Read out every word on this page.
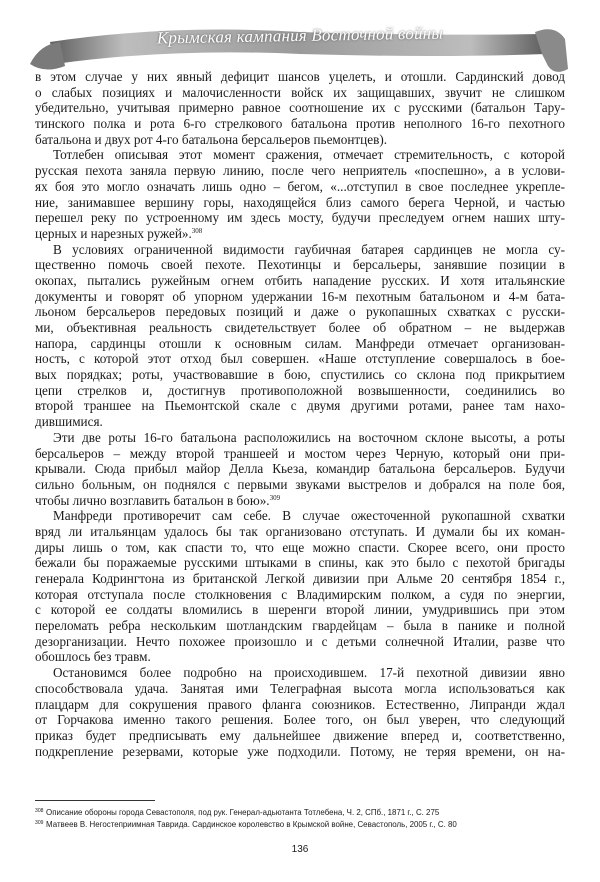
Крымская кампания Восточной войны
в этом случае у них явный дефицит шансов уцелеть, и отошли. Сардинский довод
о слабых позициях и малочисленности войск их защищавших, звучит не слишком
убедительно, учитывая примерно равное соотношение их с русскими (батальон Тару-
тинского полка и рота 6-го стрелкового батальона против неполного 16-го пехотного
батальона и двух рот 4-го батальона берсальеров пьемонтцев).
Тотлебен описывая этот момент сражения, отмечает стремительность, с которой
русская пехота заняла первую линию, после чего неприятель «поспешно», а в услови-
ях боя это могло означать лишь одно – бегом, «...отступил в свое последнее укрепле-
ние, занимавшее вершину горы, находящейся близ самого берега Черной, и частью
перешел реку по устроенному им здесь мосту, будучи преследуем огнем наших шту-
церных и нарезных ружей».$^{308}$
В условиях ограниченной видимости гаубичная батарея сардинцев не могла су-
щественно помочь своей пехоте. Пехотинцы и берсальеры, занявшие позиции в
окопах, пытались ружейным огнем отбить нападение русских. И хотя итальянские
документы и говорят об упорном удержании 16-м пехотным батальоном и 4-м бата-
льоном берсальеров передовых позиций и даже о рукопашных схватках с русски-
ми, объективная реальность свидетельствует более об обратном – не выдержав
напора, сардинцы отошли к основным силам. Манфреди отмечает организован-
ность, с которой этот отход был совершен. «Наше отступление совершалось в бое-
вых порядках; роты, участвовавшие в бою, спустились со склона под прикрытием
цепи стрелков и, достигнув противоположной возвышенности, соединились во
второй траншее на Пьемонтской скале с двумя другими ротами, ранее там нахо-
дившимися.
Эти две роты 16-го батальона расположились на восточном склоне высоты, а роты
берсальеров – между второй траншеей и мостом через Черную, который они при-
крывали. Сюда прибыл майор Делла Кьеза, командир батальона берсальеров. Будучи
сильно больным, он поднялся с первыми звуками выстрелов и добрался на поле боя,
чтобы лично возглавить батальон в бою».$^{309}$
Манфреди противоречит сам себе. В случае ожесточенной рукопашной схватки
вряд ли итальянцам удалось бы так организовано отступать. И думали бы их коман-
диры лишь о том, как спасти то, что еще можно спасти. Скорее всего, они просто
бежали бы поражаемые русскими штыками в спины, как это было с пехотой бригады
генерала Кодрингтона из британской Легкой дивизии при Альме 20 сентября 1854 г.,
которая отступала после столкновения с Владимирским полком, а судя по энергии,
с которой ее солдаты вломились в шеренги второй линии, умудрившись при этом
переломать ребра нескольким шотландским гвардейцам – была в панике и полной
дезорганизации. Нечто похожее произошло и с детьми солнечной Италии, разве что
обошлось без травм.
Остановимся более подробно на происходившем. 17-й пехотной дивизии явно
способствовала удача. Занятая ими Телеграфная высота могла использоваться как
плацдарм для сокрушения правого фланга союзников. Естественно, Липранди ждал
от Горчакова именно такого решения. Более того, он был уверен, что следующий
приказ будет предписывать ему дальнейшее движение вперед и, соответственно,
подкрепление резервами, которые уже подходили. Потому, не теряя времени, он на-
308 Описание обороны города Севастополя, под рук. Генерал-адьютанта Тотлебена, Ч. 2, СПб., 1871 г., С. 275
309 Матвеев В. Негостеприимная Таврида. Сардинское королевство в Крымской войне, Севастополь, 2005 г., С. 80
136
